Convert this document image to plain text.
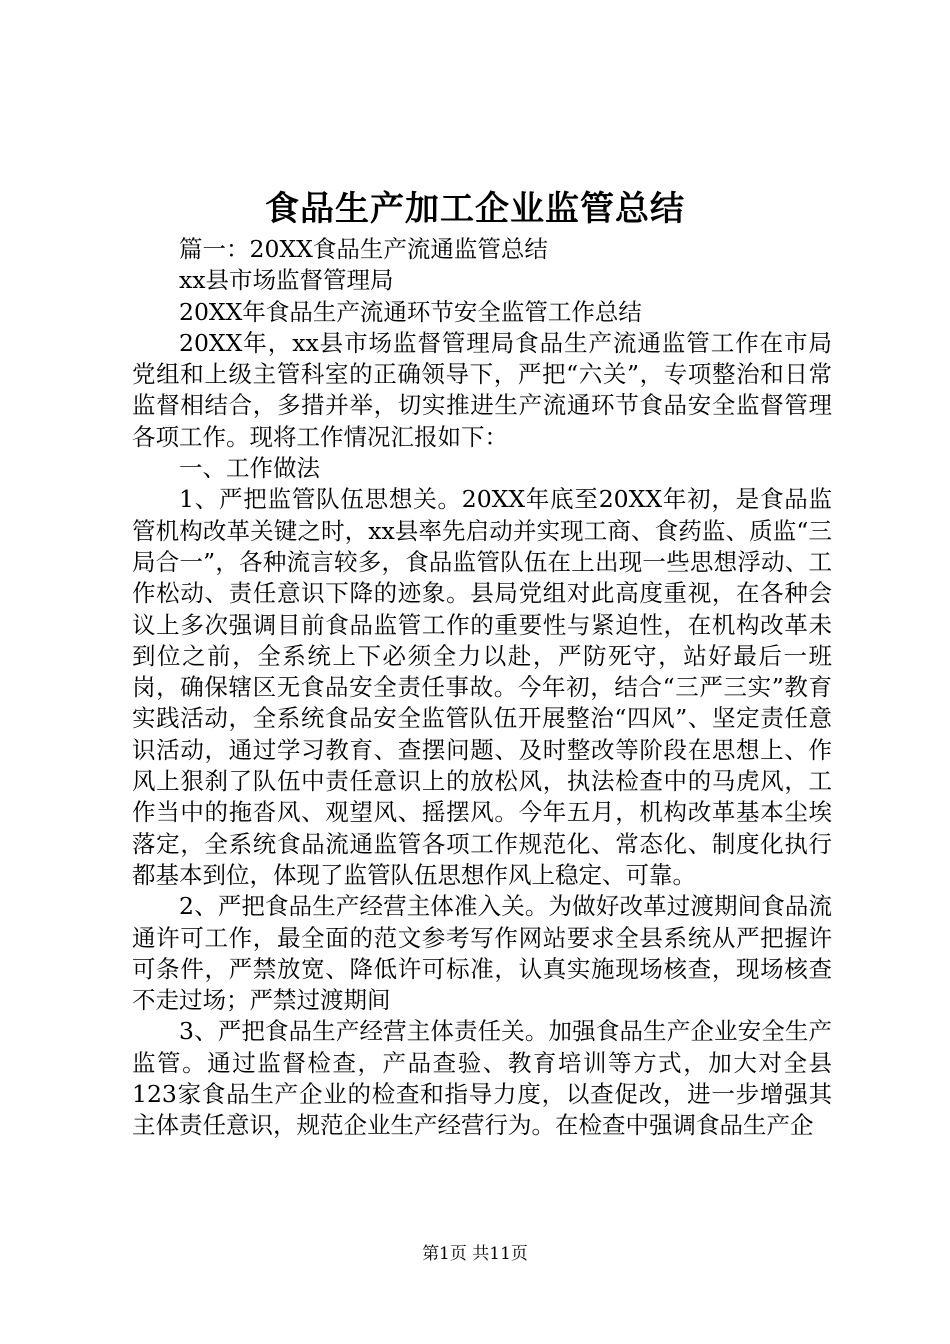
食品生产加工企业监管总结

篇一：20XX食品生产流通监管总结

xx县市场监督管理局

20XX年食品生产流通环节安全监管工作总结

20XX年，xx县市场监督管理局食品生产流通监管工作在市局党组和上级主管科室的正确领导下，严把“六关”，专项整治和日常监督相结合，多措并举，切实推进生产流通环节食品安全监督管理各项工作。现将工作情况汇报如下：

一、工作做法

1、严把监管队伍思想关。20XX年底至20XX年初，是食品监管机构改革关键之时，xx县率先启动并实现工商、食药监、质监“三局合一”，各种流言较多，食品监管队伍在上出现一些思想浮动、工作松动、责任意识下降的迹象。县局党组对此高度重视，在各种会议上多次强调目前食品监管工作的重要性与紧迫性，在机构改革未到位之前，全系统上下必须全力以赴，严防死守，站好最后一班岗，确保辖区无食品安全责任事故。今年初，结合“三严三实”教育实践活动，全系统食品安全监管队伍开展整治“四风”、坚定责任意识活动，通过学习教育、查摆问题、及时整改等阶段在思想上、作风上狠刹了队伍中责任意识上的放松风，执法检查中的马虎风，工作当中的拖沓风、观望风、摇摆风。今年五月，机构改革基本尘埃落定，全系统食品流通监管各项工作规范化、常态化、制度化执行都基本到位，体现了监管队伍思想作风上稳定、可靠。

2、严把食品生产经营主体准入关。为做好改革过渡期间食品流通许可工作，最全面的范文参考写作网站要求全县系统从严把握许可条件，严禁放宽、降低许可标准，认真实施现场核查，现场核查不走过场；严禁过渡期间

3、严把食品生产经营主体责任关。加强食品生产企业安全生产监管。通过监督检查，产品查验、教育培训等方式，加大对全县123家食品生产企业的检查和指导力度，以查促改，进一步增强其主体责任意识，规范企业生产经营行为。在检查中强调食品生产企

第1页 共11页
